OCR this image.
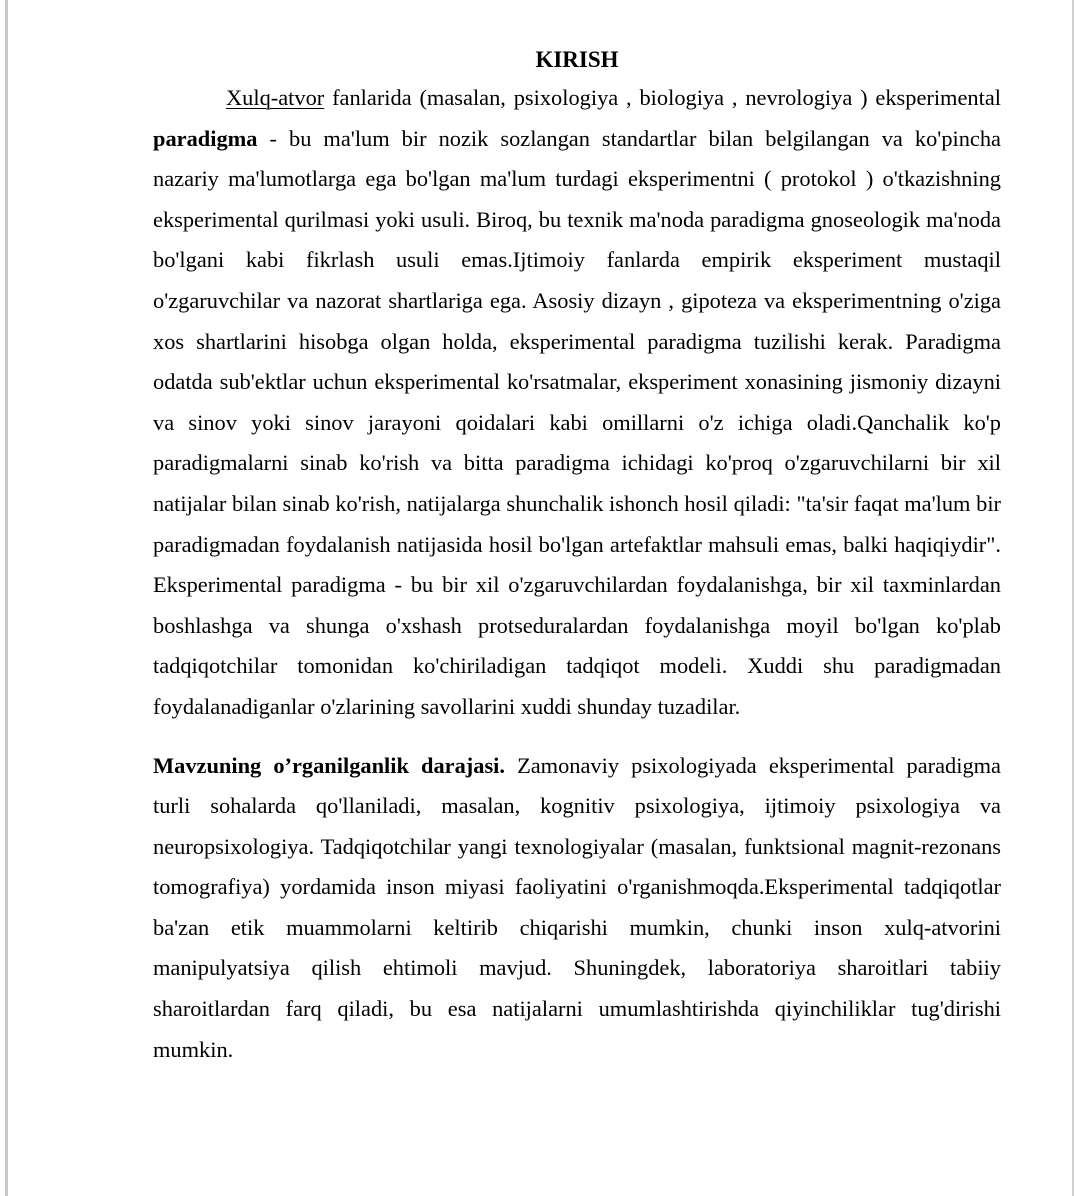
KIRISH

Xulq-atvor fanlarida (masalan, psixologiya , biologiya , nevrologiya ) eksperimental paradigma - bu ma'lum bir nozik sozlangan standartlar bilan belgilangan va ko'pincha nazariy ma'lumotlarga ega bo'lgan ma'lum turdagi eksperimentni ( protokol ) o'tkazishning eksperimental qurilmasi yoki usuli. Biroq, bu texnik ma'noda paradigma gnoseologik ma'noda bo'lgani kabi fikrlash usuli emas.Ijtimoiy fanlarda empirik eksperiment mustaqil o'zgaruvchilar va nazorat shartlariga ega. Asosiy dizayn , gipoteza va eksperimentning o'ziga xos shartlarini hisobga olgan holda, eksperimental paradigma tuzilishi kerak. Paradigma odatda sub'ektlar uchun eksperimental ko'rsatmalar, eksperiment xonasining jismoniy dizayni va sinov yoki sinov jarayoni qoidalari kabi omillarni o'z ichiga oladi.Qanchalik ko'p paradigmalarni sinab ko'rish va bitta paradigma ichidagi ko'proq o'zgaruvchilarni bir xil natijalar bilan sinab ko'rish, natijalarga shunchalik ishonch hosil qiladi: "ta'sir faqat ma'lum bir paradigmadan foydalanish natijasida hosil bo'lgan artefaktlar mahsuli emas, balki haqiqiydir". Eksperimental paradigma - bu bir xil o'zgaruvchilardan foydalanishga, bir xil taxminlardan boshlashga va shunga o'xshash protseduralardan foydalanishga moyil bo'lgan ko'plab tadqiqotchilar tomonidan ko'chiriladigan tadqiqot modeli. Xuddi shu paradigmadan foydalanadiganlar o'zlarining savollarini xuddi shunday tuzadilar.

Mavzuning o’rganilganlik darajasi. Zamonaviy psixologiyada eksperimental paradigma turli sohalarda qo'llaniladi, masalan, kognitiv psixologiya, ijtimoiy psixologiya va neuropsixologiya. Tadqiqotchilar yangi texnologiyalar (masalan, funktsional magnit-rezonans tomografiya) yordamida inson miyasi faoliyatini o'rganishmoqda.Eksperimental tadqiqotlar ba'zan etik muammolarni keltirib chiqarishi mumkin, chunki inson xulq-atvorini manipulyatsiya qilish ehtimoli mavjud. Shuningdek, laboratoriya sharoitlari tabiiy sharoitlardan farq qiladi, bu esa natijalarni umumlashtirishda qiyinchiliklar tug'dirishi mumkin.
